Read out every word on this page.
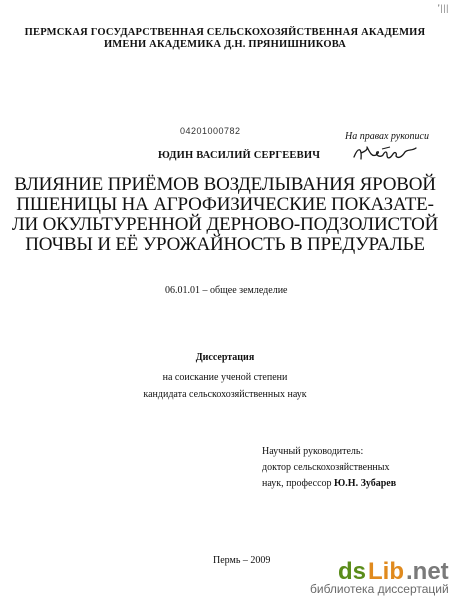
'|||
ПЕРМСКАЯ ГОСУДАРСТВЕННАЯ СЕЛЬСКОХОЗЯЙСТВЕННАЯ АКАДЕМИЯ
ИМЕНИ АКАДЕМИКА Д.Н. ПРЯНИШНИКОВА
04201000782	На правах рукописи
ЮДИН ВАСИЛИЙ СЕРГЕЕВИЧ
ВЛИЯНИЕ ПРИЁМОВ ВОЗДЕЛЫВАНИЯ ЯРОВОЙ
ПШЕНИЦЫ НА АГРОФИЗИЧЕСКИЕ ПОКАЗАТЕ-
ЛИ ОКУЛЬТУРЕННОЙ ДЕРНОВО-ПОДЗОЛИСТОЙ
ПОЧВЫ И ЕЁ УРОЖАЙНОСТЬ В ПРЕДУРАЛЬЕ
06.01.01 – общее земледелие
Диссертация
на соискание ученой степени
кандидата сельскохозяйственных наук
Научный руководитель:
доктор сельскохозяйственных
наук, профессор Ю.Н. Зубарев
Пермь – 2009	ds Lib .net
библиотека диссертаций
